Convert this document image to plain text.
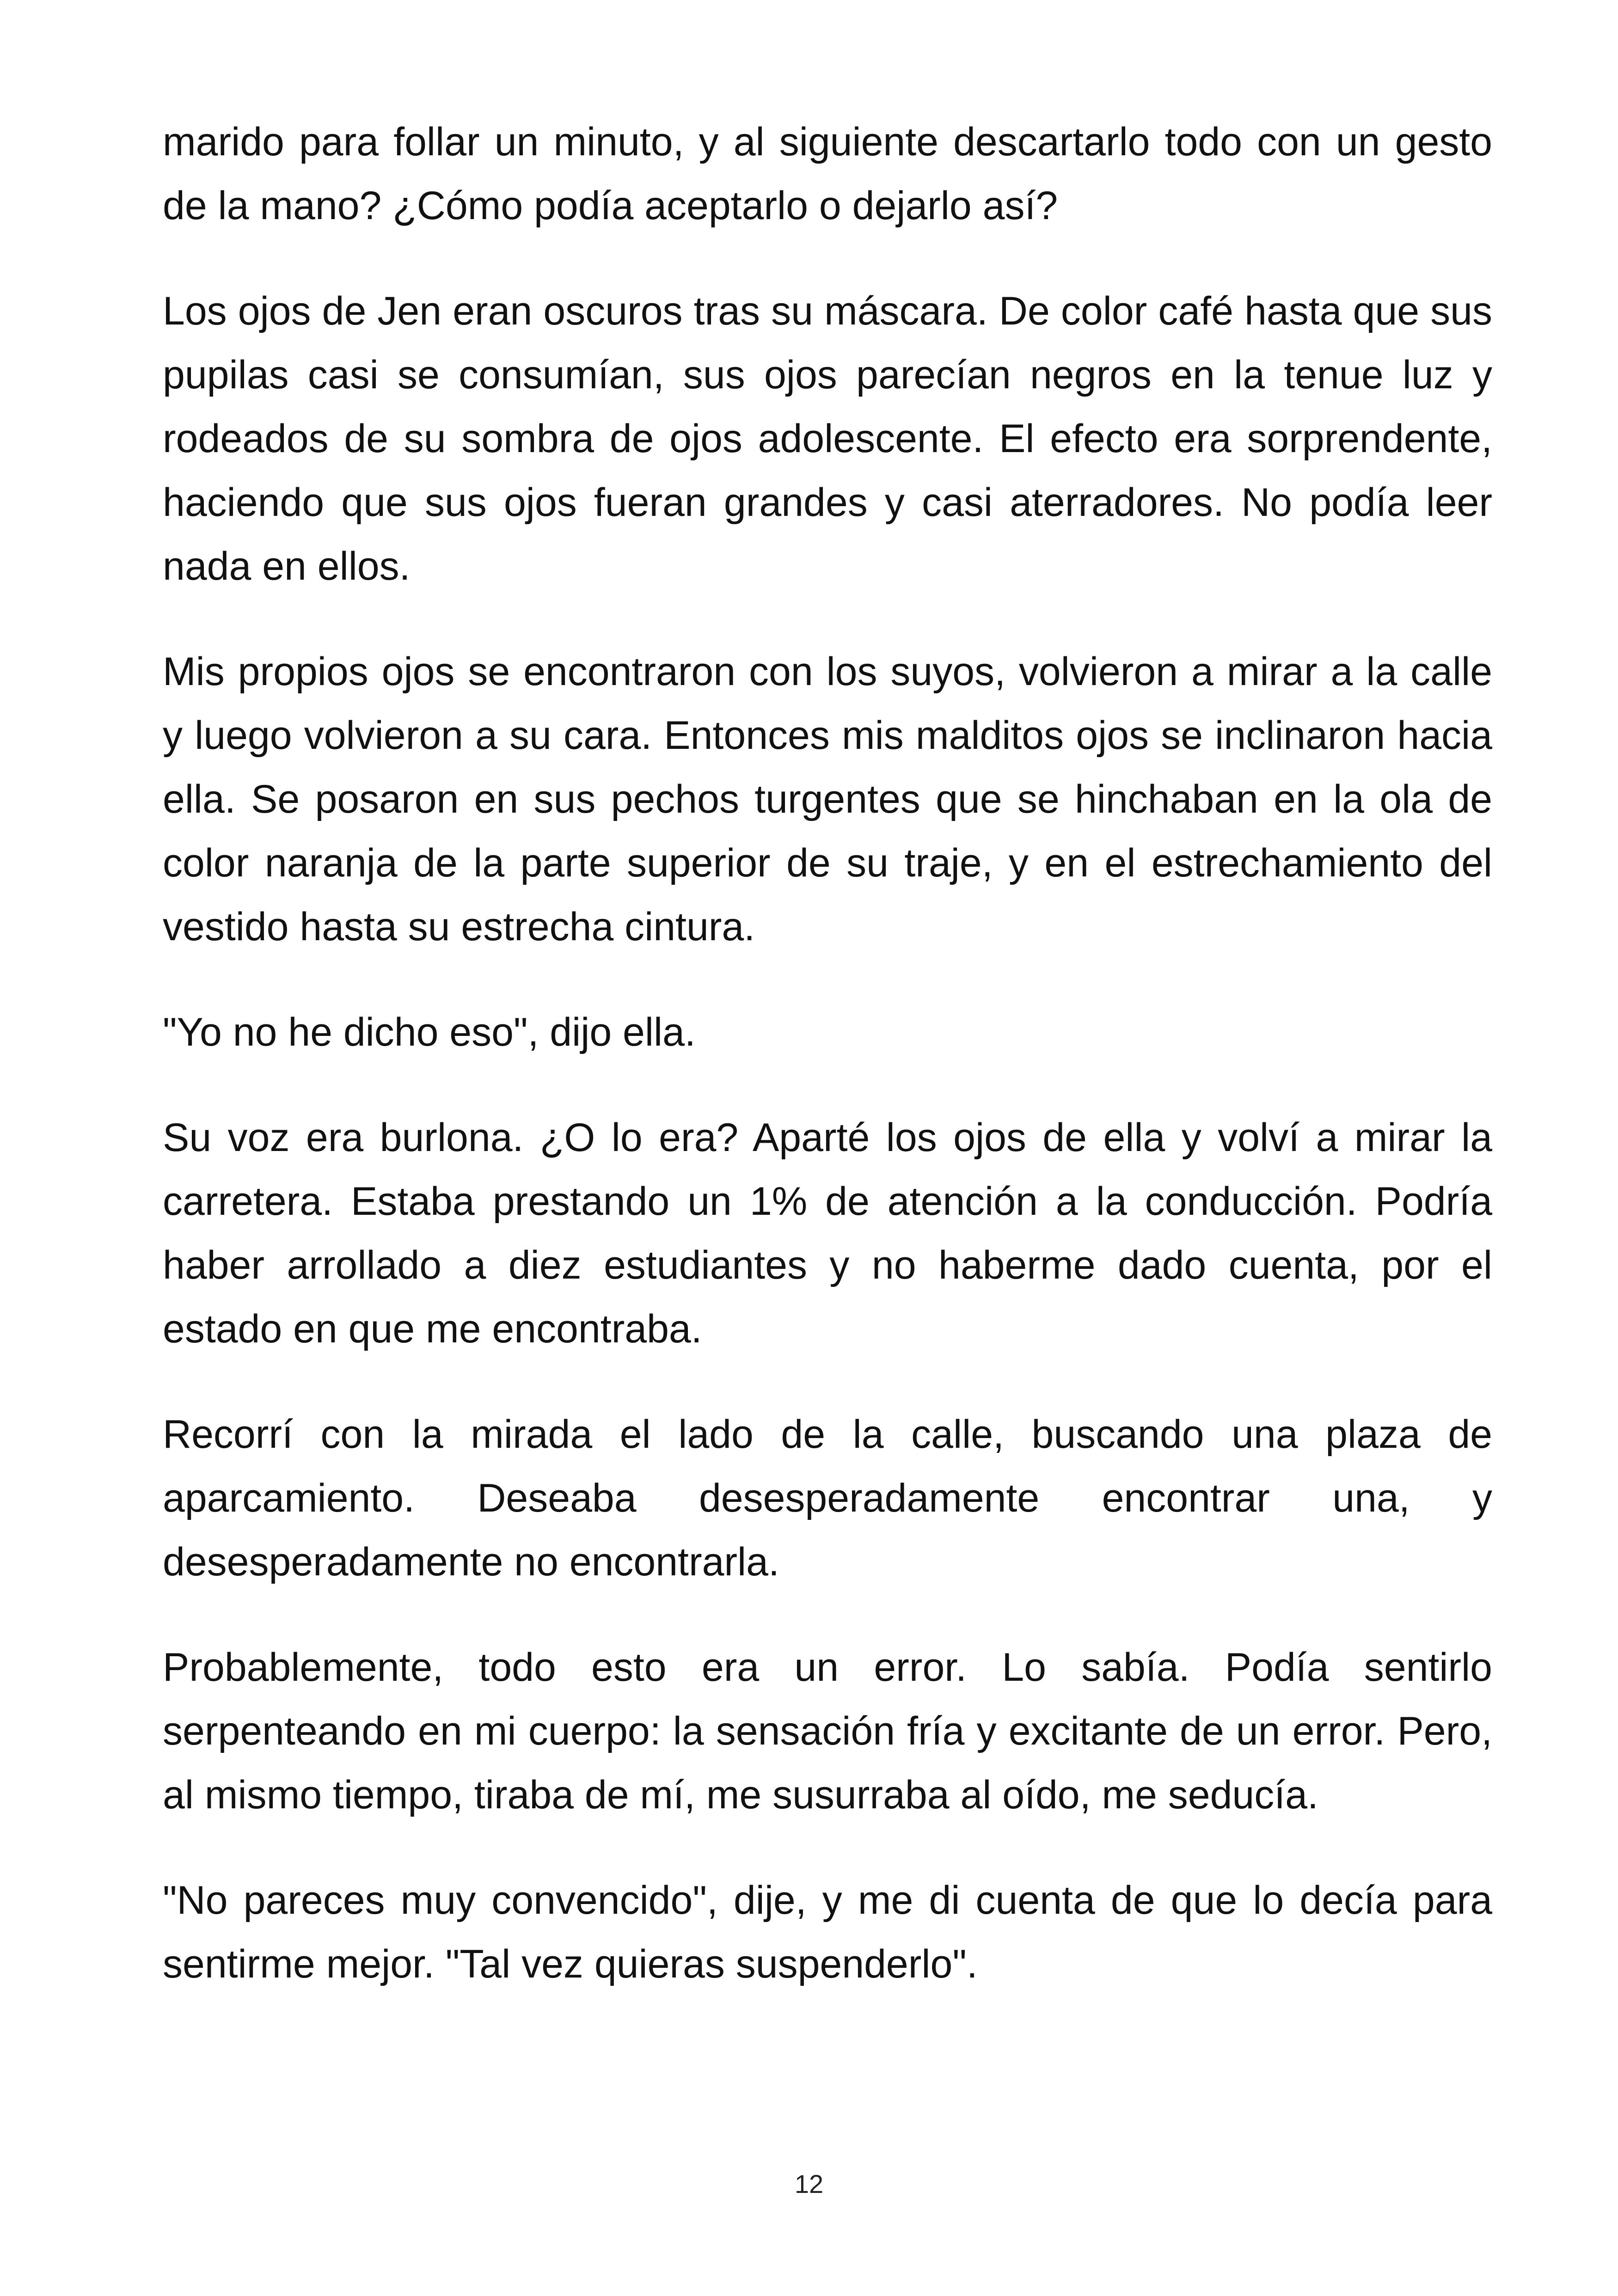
marido para follar un minuto, y al siguiente descartarlo todo con un gesto de la mano? ¿Cómo podía aceptarlo o dejarlo así?

Los ojos de Jen eran oscuros tras su máscara. De color café hasta que sus pupilas casi se consumían, sus ojos parecían negros en la tenue luz y rodeados de su sombra de ojos adolescente. El efecto era sorprendente, haciendo que sus ojos fueran grandes y casi aterradores. No podía leer nada en ellos.

Mis propios ojos se encontraron con los suyos, volvieron a mirar a la calle y luego volvieron a su cara. Entonces mis malditos ojos se inclinaron hacia ella. Se posaron en sus pechos turgentes que se hinchaban en la ola de color naranja de la parte superior de su traje, y en el estrechamiento del vestido hasta su estrecha cintura.

"Yo no he dicho eso", dijo ella.

Su voz era burlona. ¿O lo era? Aparté los ojos de ella y volví a mirar la carretera. Estaba prestando un 1% de atención a la conducción. Podría haber arrollado a diez estudiantes y no haberme dado cuenta, por el estado en que me encontraba.

Recorrí con la mirada el lado de la calle, buscando una plaza de aparcamiento. Deseaba desesperadamente encontrar una, y desesperadamente no encontrarla.

Probablemente, todo esto era un error. Lo sabía. Podía sentirlo serpenteando en mi cuerpo: la sensación fría y excitante de un error. Pero, al mismo tiempo, tiraba de mí, me susurraba al oído, me seducía.

"No pareces muy convencido", dije, y me di cuenta de que lo decía para sentirme mejor. "Tal vez quieras suspenderlo".

12
